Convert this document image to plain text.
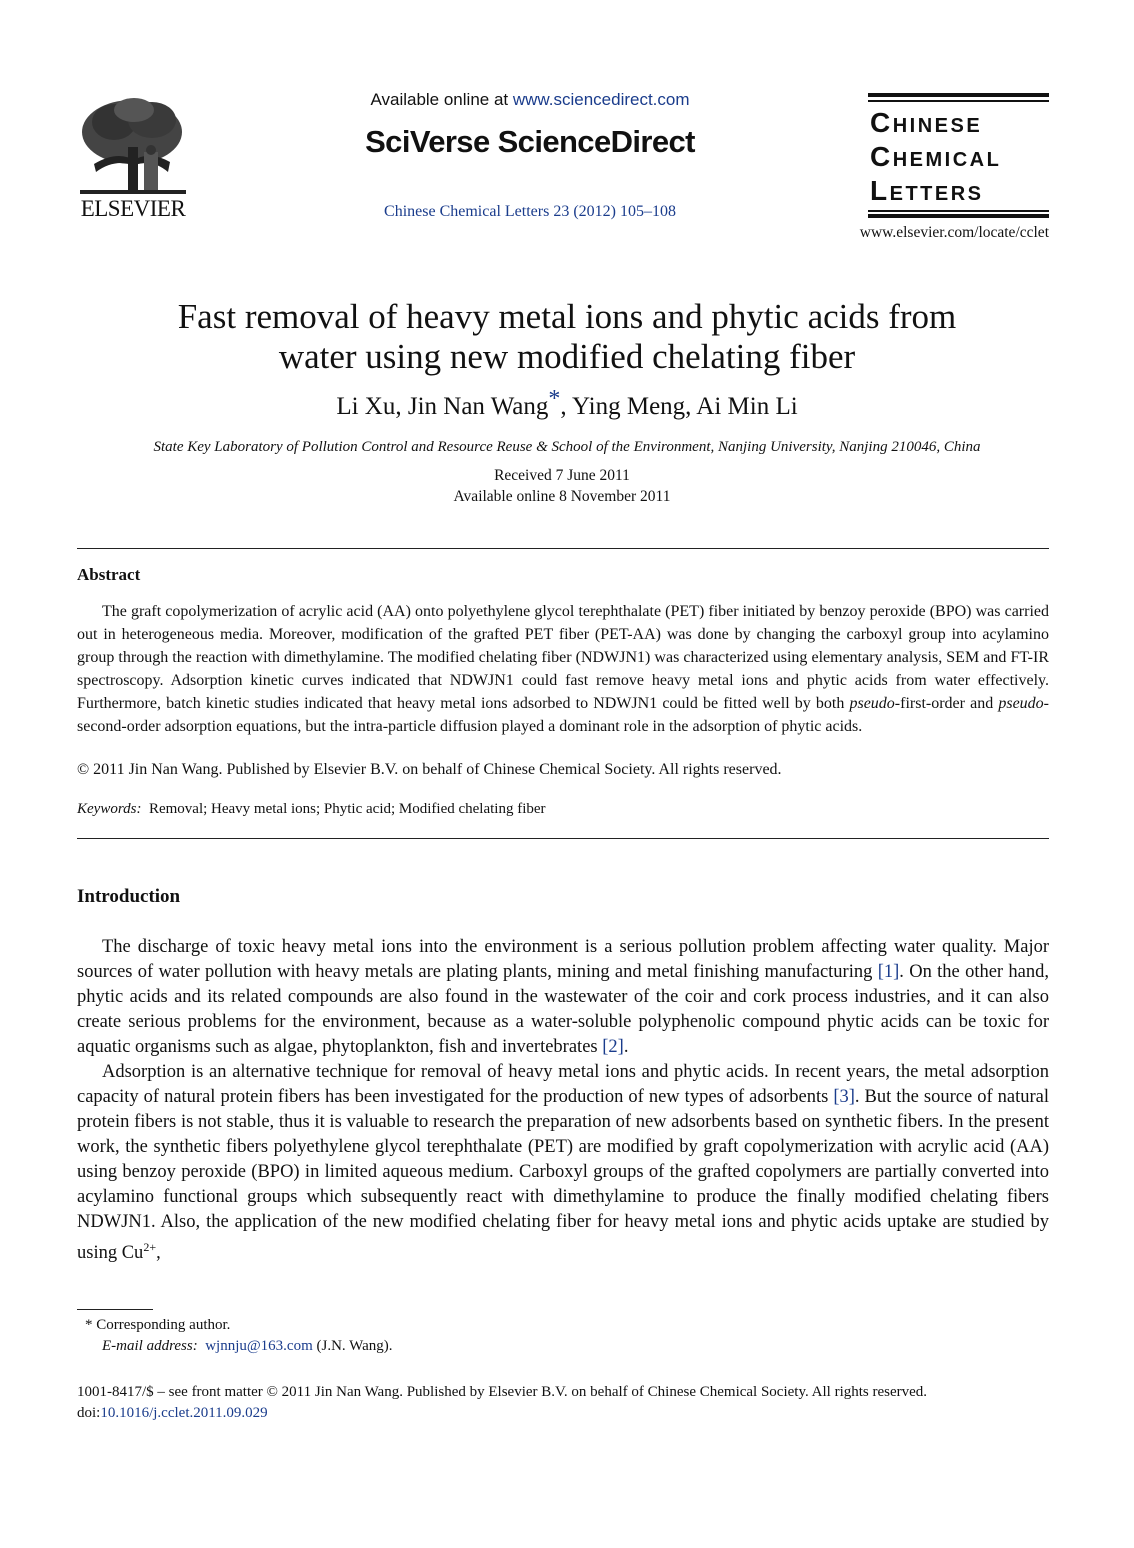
ELSEVIER
Available online at www.sciencedirect.com
SciVerse ScienceDirect
Chinese Chemical Letters 23 (2012) 105–108
Chinese
Chemical
Letters
www.elsevier.com/locate/cclet
Fast removal of heavy metal ions and phytic acids from
water using new modified chelating fiber
Li Xu, Jin Nan Wang*, Ying Meng, Ai Min Li
State Key Laboratory of Pollution Control and Resource Reuse & School of the Environment, Nanjing University, Nanjing 210046, China
Received 7 June 2011
Available online 8 November 2011
Abstract

The graft copolymerization of acrylic acid (AA) onto polyethylene glycol terephthalate (PET) fiber initiated by benzoy peroxide (BPO) was carried out in heterogeneous media. Moreover, modification of the grafted PET fiber (PET-AA) was done by changing the carboxyl group into acylamino group through the reaction with dimethylamine. The modified chelating fiber (NDWJN1) was characterized using elementary analysis, SEM and FT-IR spectroscopy. Adsorption kinetic curves indicated that NDWJN1 could fast remove heavy metal ions and phytic acids from water effectively. Furthermore, batch kinetic studies indicated that heavy metal ions adsorbed to NDWJN1 could be fitted well by both pseudo-first-order and pseudo-second-order adsorption equations, but the intra-particle diffusion played a dominant role in the adsorption of phytic acids.

© 2011 Jin Nan Wang. Published by Elsevier B.V. on behalf of Chinese Chemical Society. All rights reserved.
Keywords: Removal; Heavy metal ions; Phytic acid; Modified chelating fiber
Introduction

The discharge of toxic heavy metal ions into the environment is a serious pollution problem affecting water quality. Major sources of water pollution with heavy metals are plating plants, mining and metal finishing manufacturing [1]. On the other hand, phytic acids and its related compounds are also found in the wastewater of the coir and cork process industries, and it can also create serious problems for the environment, because as a water-soluble polyphenolic compound phytic acids can be toxic for aquatic organisms such as algae, phytoplankton, fish and invertebrates [2].

Adsorption is an alternative technique for removal of heavy metal ions and phytic acids. In recent years, the metal adsorption capacity of natural protein fibers has been investigated for the production of new types of adsorbents [3]. But the source of natural protein fibers is not stable, thus it is valuable to research the preparation of new adsorbents based on synthetic fibers. In the present work, the synthetic fibers polyethylene glycol terephthalate (PET) are modified by graft copolymerization with acrylic acid (AA) using benzoy peroxide (BPO) in limited aqueous medium. Carboxyl groups of the grafted copolymers are partially converted into acylamino functional groups which subsequently react with dimethylamine to produce the finally modified chelating fibers NDWJN1. Also, the application of the new modified chelating fiber for heavy metal ions and phytic acids uptake are studied by using $Cu^{2+}$,

* Corresponding author.
E-mail address: wjnnju@163.com (J.N. Wang).
1001-8417/$ – see front matter © 2011 Jin Nan Wang. Published by Elsevier B.V. on behalf of Chinese Chemical Society. All rights reserved.
doi:10.1016/j.cclet.2011.09.029
